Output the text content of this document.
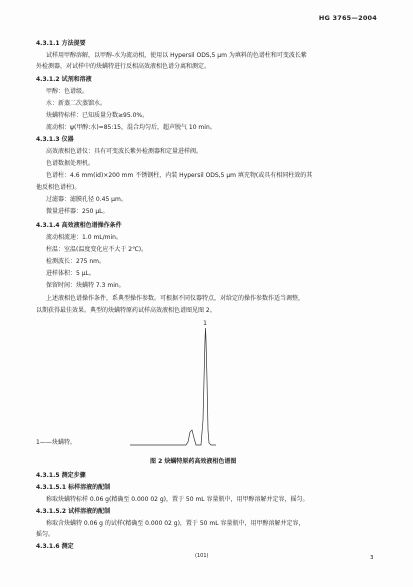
HG 3765—2004
4.3.1.1 方法提要
试样用甲醇溶解，以甲醇-水为流动相，使用以 Hypersil ODS,5 μm 为填料的色谱柱和可变波长紫
外检测器，对试样中的炔螨特进行反相高效液相色谱分离和测定。
4.3.1.2 试剂和溶液
甲醇：色谱级。
水：新蒸二次蒸馏水。
炔螨特标样：已知质量分数≥95.0%。
流动相：ψ(甲醇:水)=85:15，混合均匀后，超声脱气 10 min。
4.3.1.3 仪器
高效液相色谱仪：具有可变波长紫外检测器和定量进样阀。
色谱数据处理机。
色谱柱：4.6 mm(id)×200 mm 不锈钢柱，内装 Hypersil ODS,5 μm 填充物(或具有相同柱效的其
他反相色谱柱)。
过滤器：滤膜孔径 0.45 μm。
微量进样器：250 μL。
4.3.1.4 高效液相色谱操作条件
流动相流速：1.0 mL/min。
柱温：室温(温度变化应不大于 2℃)。
检测波长：275 nm。
进样体积：5 μL。
保留时间：炔螨特 7.3 min。
上述液相色谱操作条件，系典型操作参数。可根据不同仪器特点，对给定的操作参数作适当调整，
以期获得最佳效果。典型的炔螨特原药试样高效液相色谱图见图 2。
1
1——炔螨特。
图 2 炔螨特原药高效液相色谱图
4.3.1.5 测定步骤
4.3.1.5.1 标样溶液的配制
称取炔螨特标样 0.06 g(精确至 0.000 02 g)，置于 50 mL 容量瓶中，用甲醇溶解并定容，摇匀。
4.3.1.5.2 试样溶液的配制
称取含炔螨特 0.06 g 的试样(精确至 0.000 02 g)，置于 50 mL 容量瓶中，用甲醇溶解并定容，
摇匀。
4.3.1.6 测定
(101)	3
